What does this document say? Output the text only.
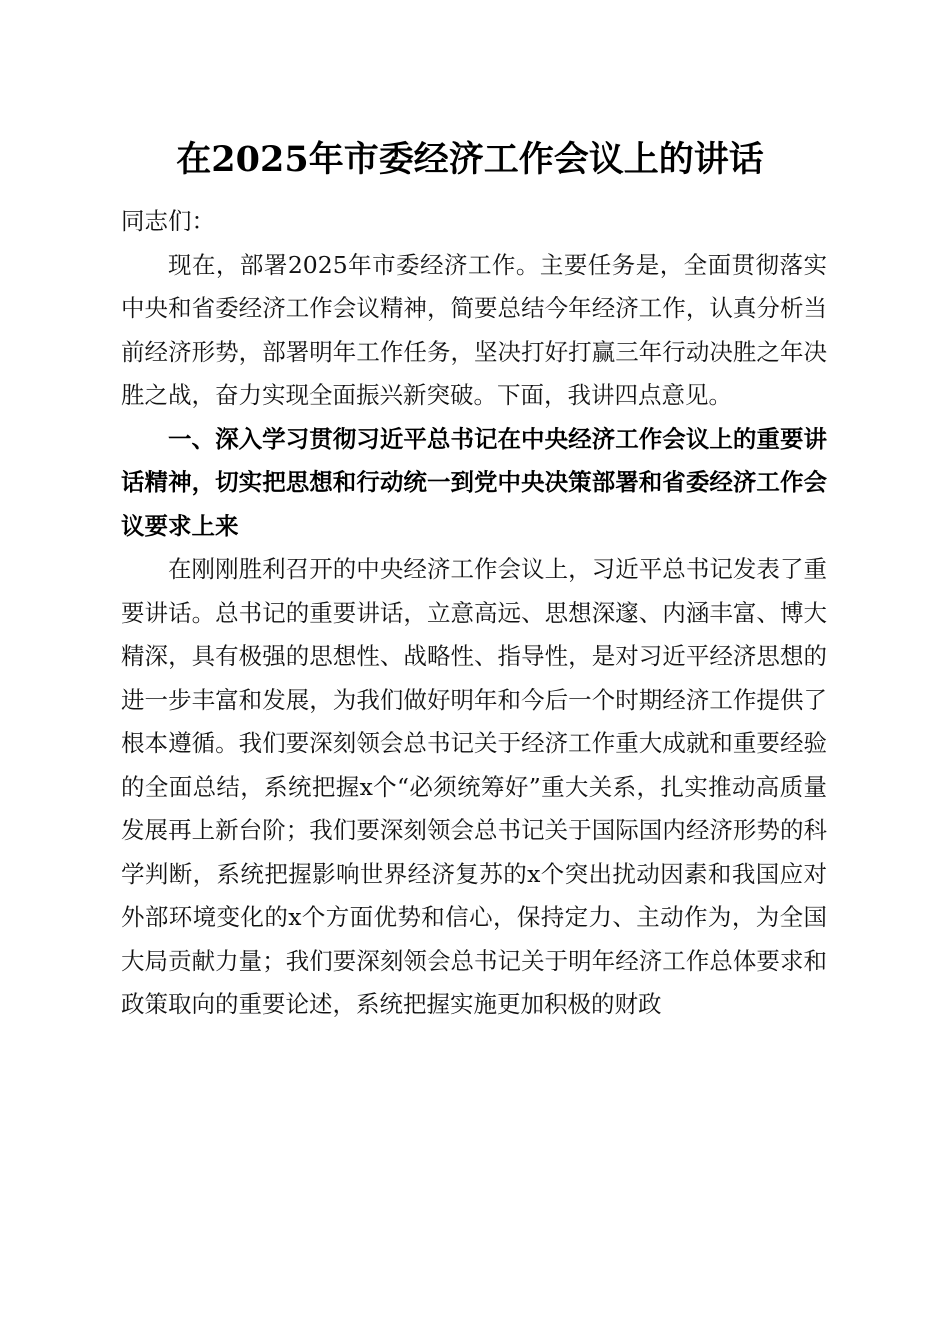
在2025年市委经济工作会议上的讲话

同志们：

现在，部署2025年市委经济工作。主要任务是，全面贯彻落实中央和省委经济工作会议精神，简要总结今年经济工作，认真分析当前经济形势，部署明年工作任务，坚决打好打赢三年行动决胜之年决胜之战，奋力实现全面振兴新突破。下面，我讲四点意见。

一、深入学习贯彻习近平总书记在中央经济工作会议上的重要讲话精神，切实把思想和行动统一到党中央决策部署和省委经济工作会议要求上来

在刚刚胜利召开的中央经济工作会议上，习近平总书记发表了重要讲话。总书记的重要讲话，立意高远、思想深邃、内涵丰富、博大精深，具有极强的思想性、战略性、指导性，是对习近平经济思想的进一步丰富和发展，为我们做好明年和今后一个时期经济工作提供了根本遵循。我们要深刻领会总书记关于经济工作重大成就和重要经验的全面总结，系统把握x个“必须统筹好”重大关系，扎实推动高质量发展再上新台阶；我们要深刻领会总书记关于国际国内经济形势的科学判断，系统把握影响世界经济复苏的x个突出扰动因素和我国应对外部环境变化的x个方面优势和信心，保持定力、主动作为，为全国大局贡献力量；我们要深刻领会总书记关于明年经济工作总体要求和政策取向的重要论述，系统把握实施更加积极的财政
